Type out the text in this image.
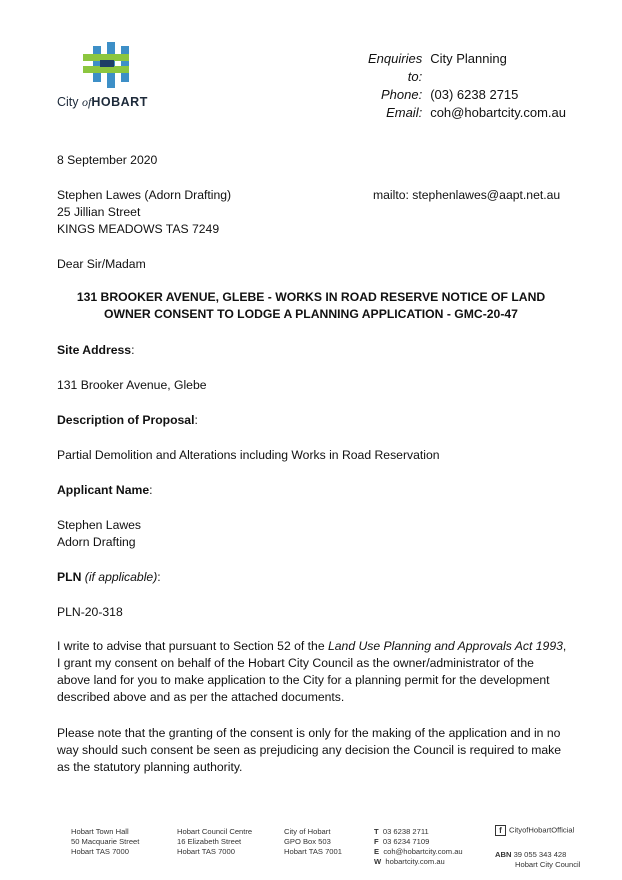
City ofHOBART
Enquiries to:
City Planning
Phone: (03) 6238 2715
Email: coh@hobartcity.com.au
8 September 2020
Stephen Lawes (Adorn Drafting)
25 Jillian Street
KINGS MEADOWS TAS 7249
mailto: stephenlawes@aapt.net.au
Dear Sir/Madam
131 BROOKER AVENUE, GLEBE - WORKS IN ROAD RESERVE NOTICE OF LAND
OWNER CONSENT TO LODGE A PLANNING APPLICATION - GMC-20-47
Site Address:
131 Brooker Avenue, Glebe
Description of Proposal:
Partial Demolition and Alterations including Works in Road Reservation
Applicant Name:
Stephen Lawes
Adorn Drafting
PLN (if applicable):
PLN-20-318
I write to advise that pursuant to Section 52 of the Land Use Planning and Approvals Act 1993, I grant my consent on behalf of the Hobart City Council as the owner/administrator of the above land for you to make application to the City for a planning permit for the development described above and as per the attached documents.
Please note that the granting of the consent is only for the making of the application and in no way should such consent be seen as prejudicing any decision the Council is required to make as the statutory planning authority.
Hobart Town Hall
50 Macquarie Street
Hobart TAS 7000
Hobart Council Centre
16 Elizabeth Street
Hobart TAS 7000
City of Hobart
GPO Box 503
Hobart TAS 7001
T 03 6238 2711
F 03 6234 7109
E coh@hobartcity.com.au
W hobartcity.com.au
f CityofHobartOfficial
ABN 39 055 343 428
Hobart City Council
